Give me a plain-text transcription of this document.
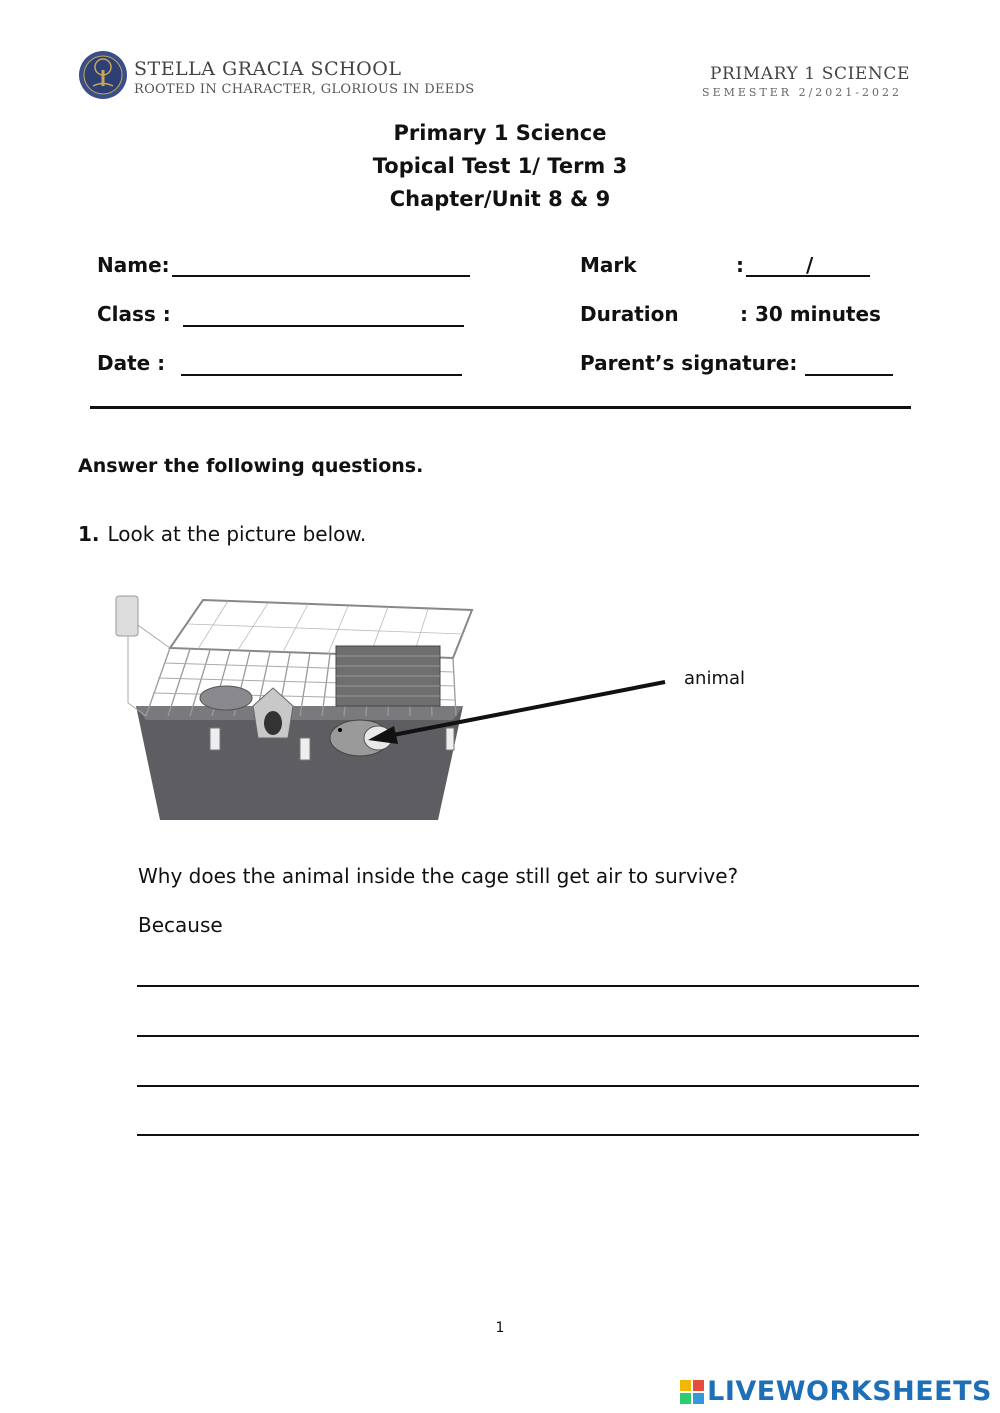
STELLA GRACIA SCHOOL
ROOTED IN CHARACTER, GLORIOUS IN DEEDS
PRIMARY 1 SCIENCE
SEMESTER 2/2021-2022
Primary 1 Science
Topical Test 1/ Term 3
Chapter/Unit 8 & 9
Name:
Class :
Date :
Mark	:	/
Duration	: 30 minutes
Parent’s signature:
Answer the following questions.
1. Look at the picture below.
animal
Why does the animal inside the cage still get air to survive?
Because
1
LIVEWORKSHEETS
